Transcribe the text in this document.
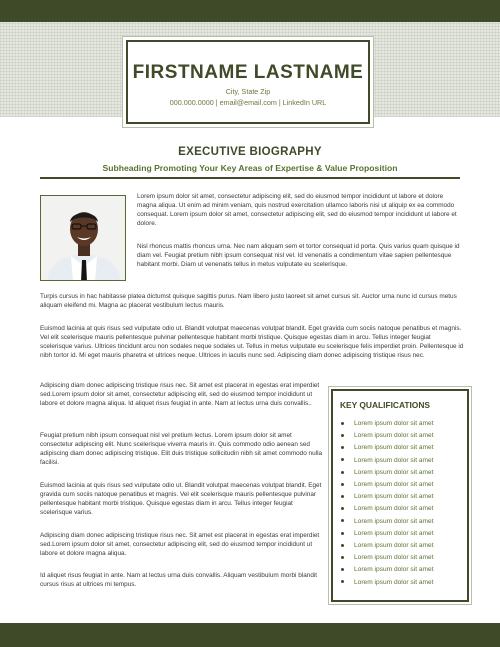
FIRSTNAME LASTNAME
City, State Zip
000.000.0000 | email@email.com | LinkedIn URL
EXECUTIVE BIOGRAPHY
Subheading Promoting Your Key Areas of Expertise & Value Proposition

Lorem ipsum dolor sit amet, consectetur adipiscing elit, sed do eiusmod tempor incididunt ut labore et dolore magna aliqua. Ut enim ad minim veniam, quis nostrud exercitation ullamco laboris nisi ut aliquip ex ea commodo consequat. Lorem ipsum dolor sit amet, consectetur adipiscing elit, sed do eiusmod tempor incididunt ut labore et dolore.

Nisl rhoncus mattis rhoncus urna. Nec nam aliquam sem et tortor consequat id porta. Quis varius quam quisque id diam vel. Feugiat pretium nibh ipsum consequat nisl vel. Id venenatis a condimentum vitae sapien pellentesque habitant morbi. Diam ut venenatis tellus in metus vulputate eu scelerisque.

Turpis cursus in hac habitasse platea dictumst quisque sagittis purus. Nam libero justo laoreet sit amet cursus sit. Auctor urna nunc id cursus metus aliquam eleifend mi. Magna ac placerat vestibulum lectus mauris.

Euismod lacinia at quis risus sed vulputate odio ut. Blandit volutpat maecenas volutpat blandit. Eget gravida cum sociis natoque penatibus et magnis. Vel elit scelerisque mauris pellentesque pulvinar pellentesque habitant morbi tristique. Quisque egestas diam in arcu. Tellus integer feugiat scelerisque varius. Ultrices tincidunt arcu non sodales neque sodales ut. Tellus in metus vulputate eu scelerisque felis imperdiet proin. Pellentesque id nibh tortor id. Mi eget mauris pharetra et ultrices neque. Ultrices in iaculis nunc sed. Adipiscing diam donec adipiscing tristique risus nec.

Adipiscing diam donec adipiscing tristique risus nec. Sit amet est placerat in egestas erat imperdiet sed.Lorem ipsum dolor sit amet, consectetur adipiscing elit, sed do eiusmod tempor incididunt ut labore et dolore magna aliqua. Id aliquet risus feugiat in ante. Nam at lectus urna duis convallis..

Feugiat pretium nibh ipsum consequat nisl vel pretium lectus. Lorem ipsum dolor sit amet consectetur adipiscing elit. Nunc scelerisque viverra mauris in. Quis commodo odio aenean sed adipiscing diam donec adipiscing tristique. Elit duis tristique sollicitudin nibh sit amet commodo nulla facilisi.

Euismod lacinia at quis risus sed vulputate odio ut. Blandit volutpat maecenas volutpat blandit. Eget gravida cum sociis natoque penatibus et magnis. Vel elit scelerisque mauris pellentesque pulvinar pellentesque habitant morbi tristique. Quisque egestas diam in arcu. Tellus integer feugiat scelerisque varius.

Adipiscing diam donec adipiscing tristique risus nec. Sit amet est placerat in egestas erat imperdiet sed.Lorem ipsum dolor sit amet, consectetur adipiscing elit, sed do eiusmod tempor incididunt ut labore et dolore magna aliqua.

Id aliquet risus feugiat in ante. Nam at lectus urna duis convallis. Aliquam vestibulum morbi blandit cursus risus at ultrices mi tempus.

KEY QUALIFICATIONS
Lorem ipsum dolor sit amet
Lorem ipsum dolor sit amet
Lorem ipsum dolor sit amet
Lorem ipsum dolor sit amet
Lorem ipsum dolor sit amet
Lorem ipsum dolor sit amet
Lorem ipsum dolor sit amet
Lorem ipsum dolor sit amet
Lorem ipsum dolor sit amet
Lorem ipsum dolor sit amet
Lorem ipsum dolor sit amet
Lorem ipsum dolor sit amet
Lorem ipsum dolor sit amet
Lorem ipsum dolor sit amet
